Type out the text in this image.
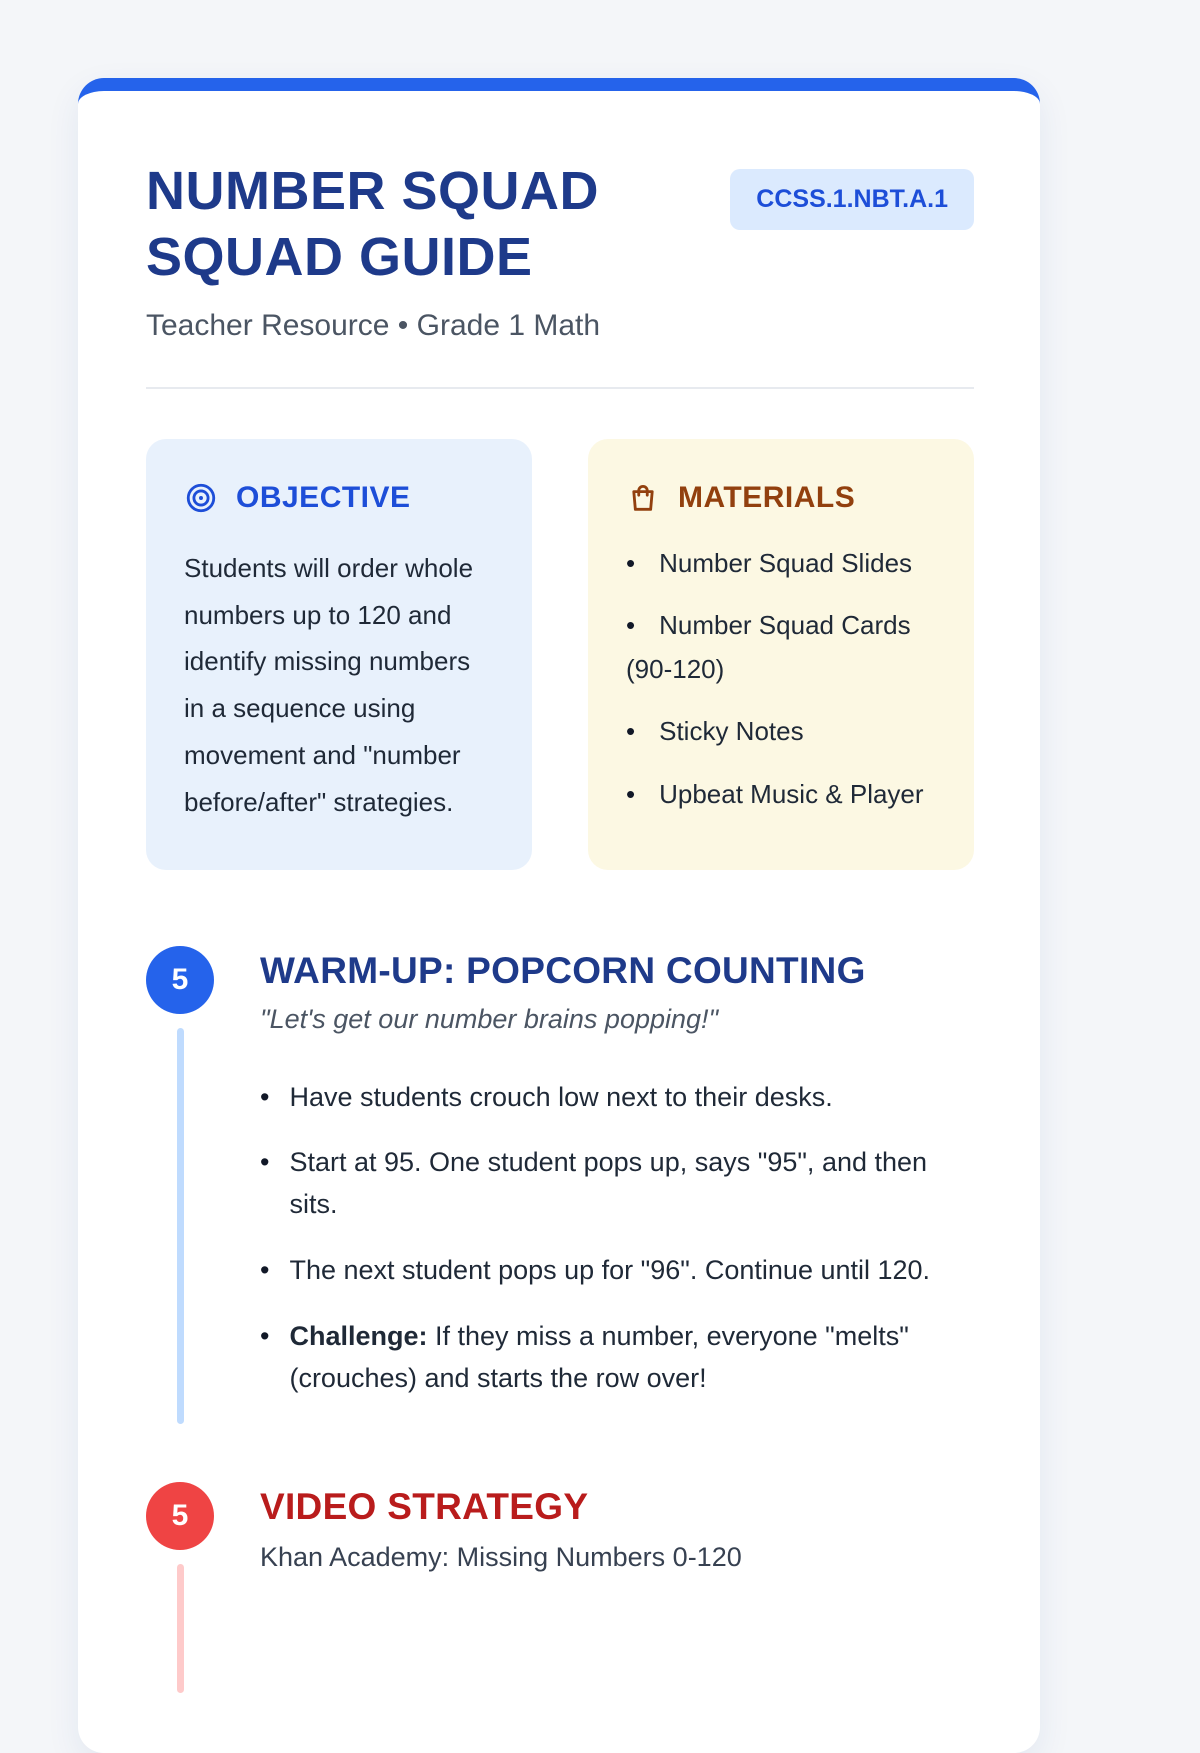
NUMBER SQUAD SQUAD GUIDE
CCSS.1.NBT.A.1
Teacher Resource • Grade 1 Math
OBJECTIVE

Students will order whole numbers up to 120 and identify missing numbers in a sequence using movement and "number before/after" strategies.

MATERIALS
• Number Squad Slides
• Number Squad Cards (90-120)
• Sticky Notes
• Upbeat Music & Player
5	WARM-UP: POPCORN COUNTING
"Let's get our number brains popping!"
• Have students crouch low next to their desks.
• Start at 95. One student pops up, says "95", and then sits.
• The next student pops up for "96". Continue until 120.
• Challenge: If they miss a number, everyone "melts" (crouches) and starts the row over!
5	VIDEO STRATEGY
Khan Academy: Missing Numbers 0-120
